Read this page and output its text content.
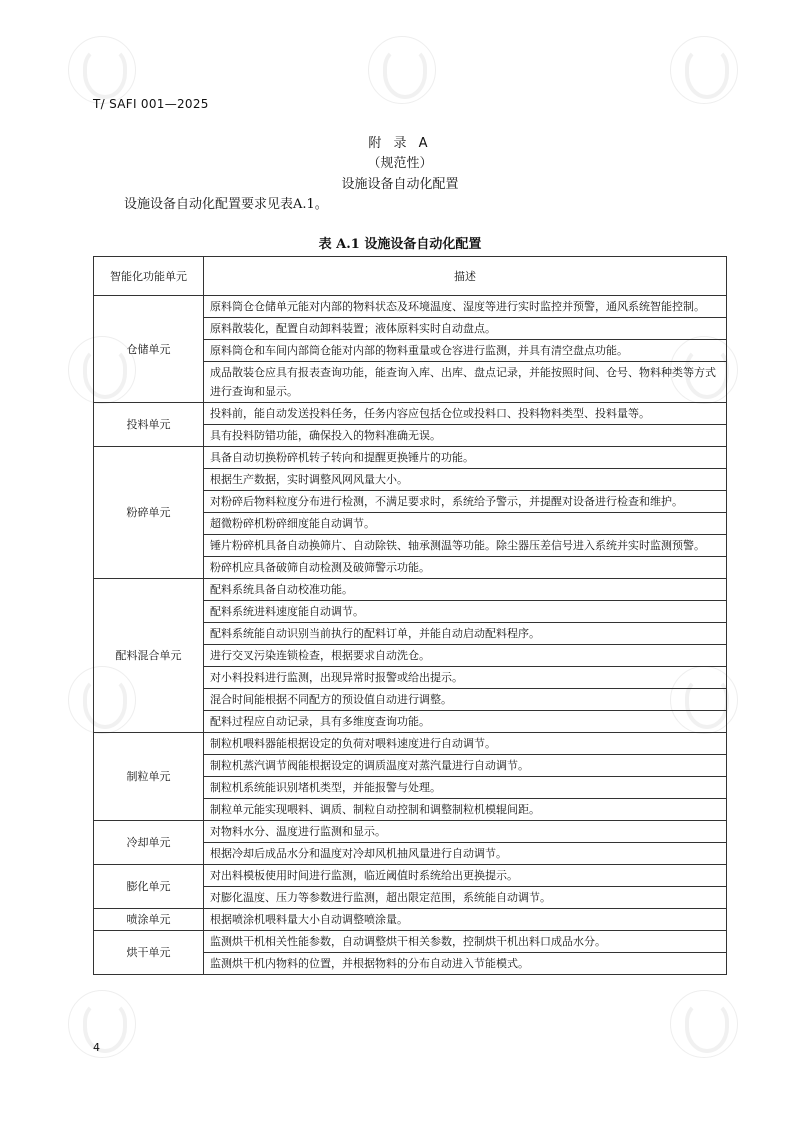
T/ SAFI 001—2025
附 录 A
（规范性）
设施设备自动化配置
设施设备自动化配置要求见表A.1。
表 A.1 设施设备自动化配置
智能化功能单元	描述
仓储单元	原料筒仓仓储单元能对内部的物料状态及环境温度、湿度等进行实时监控并预警，通风系统智能控制。
	原料散装化，配置自动卸料装置；液体原料实时自动盘点。
	原料筒仓和车间内部筒仓能对内部的物料重量或仓容进行监测，并具有清空盘点功能。
	成品散装仓应具有报表查询功能，能查询入库、出库、盘点记录，并能按照时间、仓号、物料种类等方式进行查询和显示。
投料单元	投料前，能自动发送投料任务，任务内容应包括仓位或投料口、投料物料类型、投料量等。
	具有投料防错功能，确保投入的物料准确无误。
粉碎单元	具备自动切换粉碎机转子转向和提醒更换锤片的功能。
	根据生产数据，实时调整风网风量大小。
	对粉碎后物料粒度分布进行检测，不满足要求时，系统给予警示，并提醒对设备进行检查和维护。
	超微粉碎机粉碎细度能自动调节。
	锤片粉碎机具备自动换筛片、自动除铁、轴承测温等功能。除尘器压差信号进入系统并实时监测预警。
	粉碎机应具备破筛自动检测及破筛警示功能。
配料混合单元	配料系统具备自动校准功能。
	配料系统进料速度能自动调节。
	配料系统能自动识别当前执行的配料订单，并能自动启动配料程序。
	进行交叉污染连锁检查，根据要求自动洗仓。
	对小料投料进行监测，出现异常时报警或给出提示。
	混合时间能根据不同配方的预设值自动进行调整。
	配料过程应自动记录，具有多维度查询功能。
制粒单元	制粒机喂料器能根据设定的负荷对喂料速度进行自动调节。
	制粒机蒸汽调节阀能根据设定的调质温度对蒸汽量进行自动调节。
	制粒机系统能识别堵机类型，并能报警与处理。
	制粒单元能实现喂料、调质、制粒自动控制和调整制粒机模辊间距。
冷却单元	对物料水分、温度进行监测和显示。
	根据冷却后成品水分和温度对冷却风机抽风量进行自动调节。
膨化单元	对出料模板使用时间进行监测，临近阈值时系统给出更换提示。
	对膨化温度、压力等参数进行监测，超出限定范围，系统能自动调节。
喷涂单元	根据喷涂机喂料量大小自动调整喷涂量。
烘干单元	监测烘干机相关性能参数，自动调整烘干相关参数，控制烘干机出料口成品水分。
	监测烘干机内物料的位置，并根据物料的分布自动进入节能模式。
4
